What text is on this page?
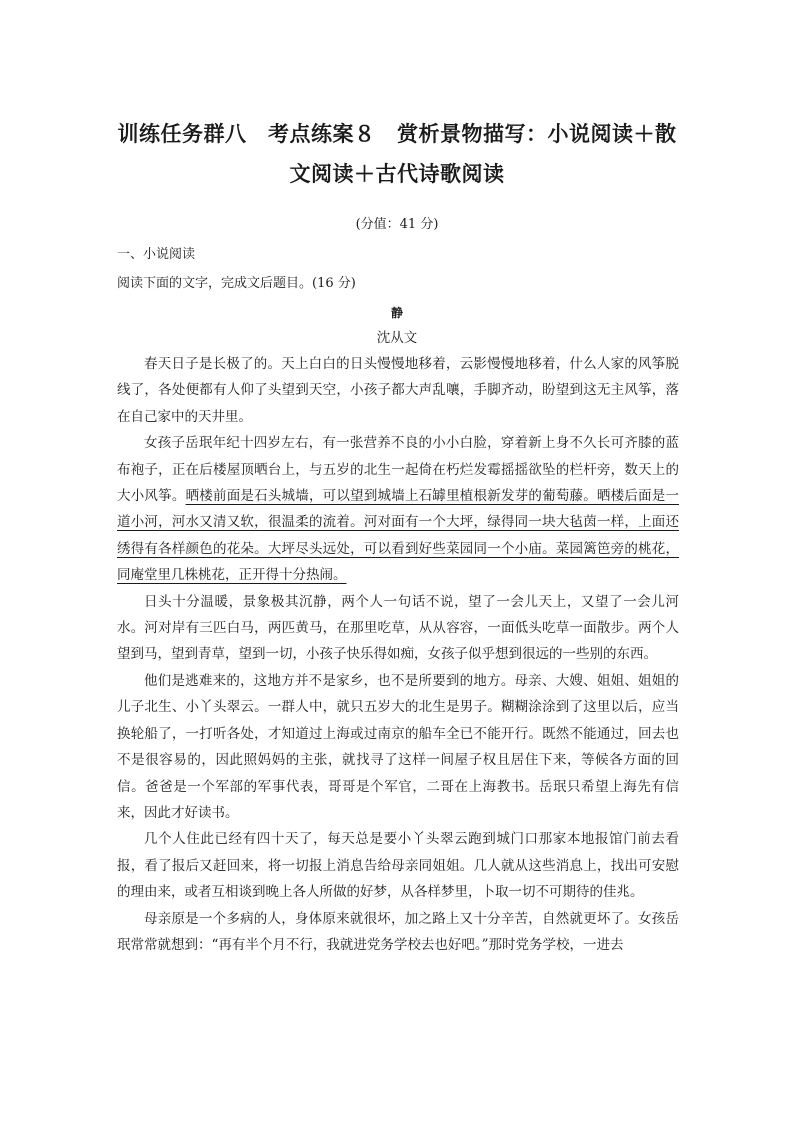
训练任务群八　考点练案８　赏析景物描写：小说阅读＋散
文阅读＋古代诗歌阅读
(分值：41 分)
一、小说阅读
阅读下面的文字，完成文后题目。(16 分)
静
沈从文

春天日子是长极了的。天上白白的日头慢慢地移着，云影慢慢地移着，什么人家的风筝脱线了，各处便都有人仰了头望到天空，小孩子都大声乱嚷，手脚齐动，盼望到这无主风筝，落在自己家中的天井里。

女孩子岳珉年纪十四岁左右，有一张营养不良的小小白脸，穿着新上身不久长可齐膝的蓝布袍子，正在后楼屋顶晒台上，与五岁的北生一起倚在朽烂发霉摇摇欲坠的栏杆旁，数天上的大小风筝。晒楼前面是石头城墙，可以望到城墙上石罅里植根新发芽的葡萄藤。晒楼后面是一道小河，河水又清又软，很温柔的流着。河对面有一个大坪，绿得同一块大毡茵一样，上面还绣得有各样颜色的花朵。大坪尽头远处，可以看到好些菜园同一个小庙。菜园篱笆旁的桃花，同庵堂里几株桃花，正开得十分热闹。

日头十分温暖，景象极其沉静，两个人一句话不说，望了一会儿天上，又望了一会儿河水。河对岸有三匹白马，两匹黄马，在那里吃草，从从容容，一面低头吃草一面散步。两个人望到马，望到青草，望到一切，小孩子快乐得如痴，女孩子似乎想到很远的一些别的东西。

他们是逃难来的，这地方并不是家乡，也不是所要到的地方。母亲、大嫂、姐姐、姐姐的儿子北生、小丫头翠云。一群人中，就只五岁大的北生是男子。糊糊涂涂到了这里以后，应当换轮船了，一打听各处，才知道过上海或过南京的船车全已不能开行。既然不能通过，回去也不是很容易的，因此照妈妈的主张，就找寻了这样一间屋子权且居住下来，等候各方面的回信。爸爸是一个军部的军事代表，哥哥是个军官，二哥在上海教书。岳珉只希望上海先有信来，因此才好读书。

几个人住此已经有四十天了，每天总是要小丫头翠云跑到城门口那家本地报馆门前去看报，看了报后又赶回来，将一切报上消息告给母亲同姐姐。几人就从这些消息上，找出可安慰的理由来，或者互相谈到晚上各人所做的好梦，从各样梦里，卜取一切不可期待的佳兆。

母亲原是一个多病的人，身体原来就很坏，加之路上又十分辛苦，自然就更坏了。女孩岳珉常常就想到：“再有半个月不行，我就进党务学校去也好吧。”那时党务学校，一进去
